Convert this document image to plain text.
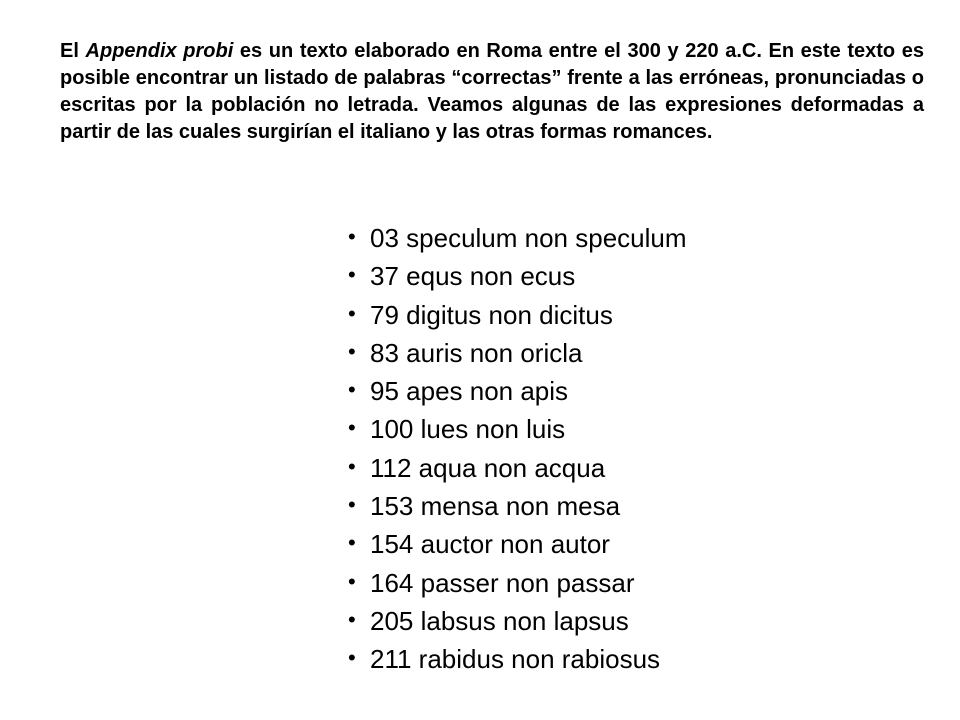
El Appendix probi es un texto elaborado en Roma entre el 300 y 220 a.C. En este texto es posible encontrar un listado de palabras “correctas” frente a las erróneas, pronunciadas o escritas por la población no letrada. Veamos algunas de las expresiones deformadas a partir de las cuales surgirían el italiano y las otras formas romances.

• 03 speculum non speculum
• 37 equs non ecus
• 79 digitus non dicitus
• 83 auris non oricla
• 95 apes non apis
• 100 lues non luis
• 112 aqua non acqua
• 153 mensa non mesa
• 154 auctor non autor
• 164 passer non passar
• 205 labsus non lapsus
• 211 rabidus non rabiosus
